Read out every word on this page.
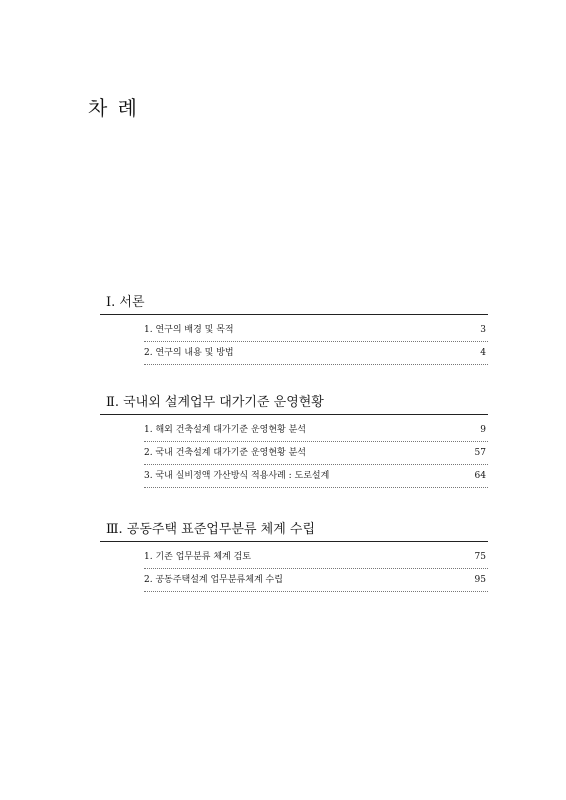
차 례
Ⅰ. 서론
1. 연구의 배경 및 목적	3
2. 연구의 내용 및 방법	4
Ⅱ. 국내외 설계업무 대가기준 운영현황
1. 해외 건축설계 대가기준 운영현황 분석	9
2. 국내 건축설계 대가기준 운영현황 분석	57
3. 국내 실비정액 가산방식 적용사례 : 도로설계	64
Ⅲ. 공동주택 표준업무분류 체계 수립
1. 기존 업무분류 체계 검토	75
2. 공동주택설계 업무분류체계 수립	95
